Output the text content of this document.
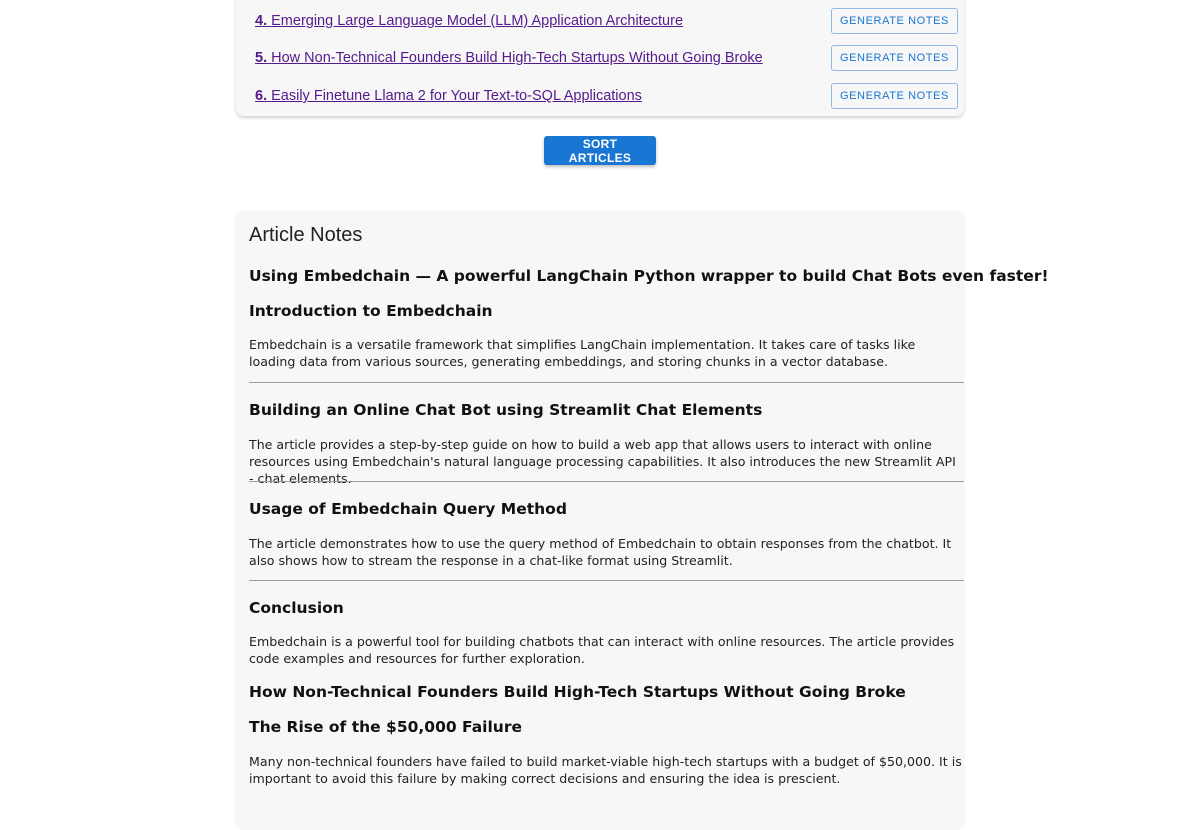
4. Emerging Large Language Model (LLM) Application Architecture	GENERATE NOTES
5. How Non-Technical Founders Build High-Tech Startups Without Going Broke	GENERATE NOTES
6. Easily Finetune Llama 2 for Your Text-to-SQL Applications	GENERATE NOTES
SORT ARTICLES
Article Notes
Using Embedchain — A powerful LangChain Python wrapper to build Chat Bots even faster!
Introduction to Embedchain

Embedchain is a versatile framework that simplifies LangChain implementation. It takes care of tasks like loading data from various sources, generating embeddings, and storing chunks in a vector database.

Building an Online Chat Bot using Streamlit Chat Elements

The article provides a step-by-step guide on how to build a web app that allows users to interact with online resources using Embedchain's natural language processing capabilities. It also introduces the new Streamlit API - chat elements.

Usage of Embedchain Query Method

The article demonstrates how to use the query method of Embedchain to obtain responses from the chatbot. It also shows how to stream the response in a chat-like format using Streamlit.

Conclusion

Embedchain is a powerful tool for building chatbots that can interact with online resources. The article provides code examples and resources for further exploration.

How Non-Technical Founders Build High-Tech Startups Without Going Broke
The Rise of the $50,000 Failure

Many non-technical founders have failed to build market-viable high-tech startups with a budget of $50,000. It is important to avoid this failure by making correct decisions and ensuring the idea is prescient.
